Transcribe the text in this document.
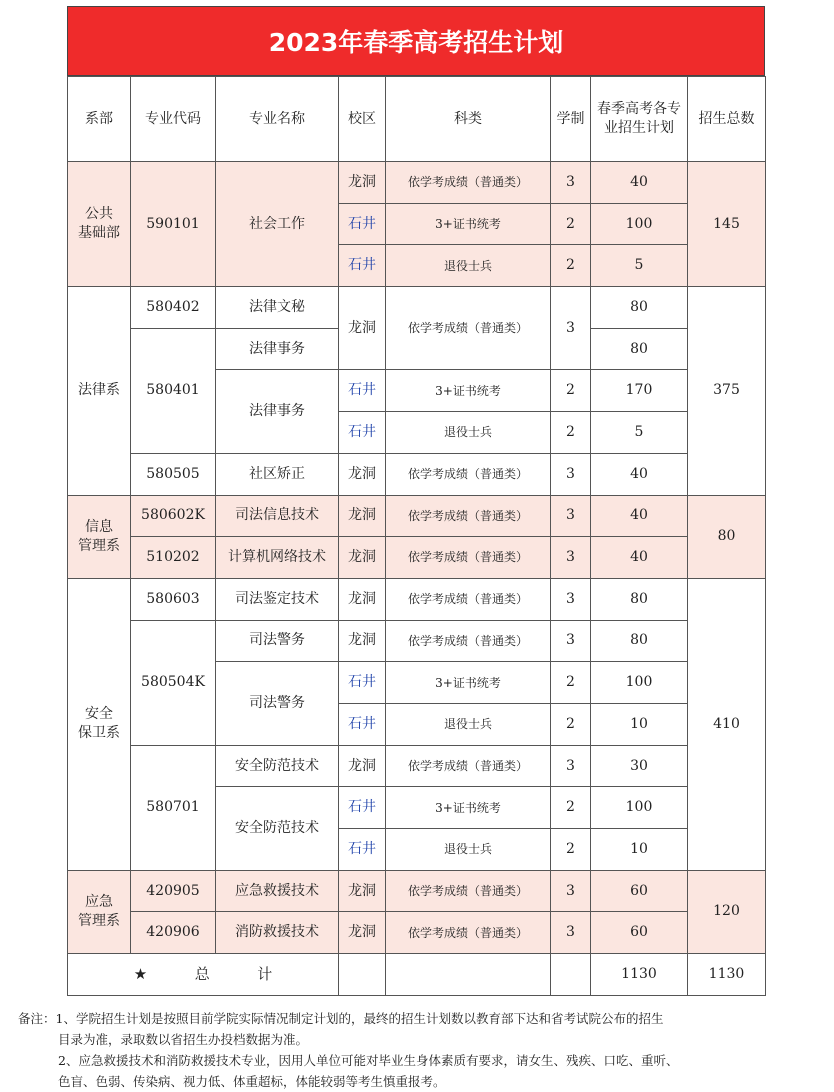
2023年春季高考招生计划
系部	专业代码	专业名称	校区	科类	学制	春季高考各专业招生计划	招生总数
公共
基础部	590101	社会工作	龙洞	依学考成绩（普通类）	3	40	145
			石井	3+证书统考	2	100	
			石井	退役士兵	2	5	
法律系	580402	法律文秘	龙洞	依学考成绩（普通类）	3	80	375
	580401	法律事务				80	
		法律事务	石井	3+证书统考	2	170	
			石井	退役士兵	2	5	
	580505	社区矫正	龙洞	依学考成绩（普通类）	3	40	
信息
管理系	580602K	司法信息技术	龙洞	依学考成绩（普通类）	3	40	80
	510202	计算机网络技术	龙洞	依学考成绩（普通类）	3	40	
安全
保卫系	580603	司法鉴定技术	龙洞	依学考成绩（普通类）	3	80	410
	580504K	司法警务	龙洞	依学考成绩（普通类）	3	80	
		司法警务	石井	3+证书统考	2	100	
			石井	退役士兵	2	10	
	580701	安全防范技术	龙洞	依学考成绩（普通类）	3	30	
		安全防范技术	石井	3+证书统考	2	100	
			石井	退役士兵	2	10	
应急
管理系	420905	应急救援技术	龙洞	依学考成绩（普通类）	3	60	120
	420906	消防救援技术	龙洞	依学考成绩（普通类）	3	60	
★ 总 计						1130	1130
备注：1、学院招生计划是按照目前学院实际情况制定计划的，最终的招生计划数以教育部下达和省考试院公布的招生
目录为准，录取数以省招生办投档数据为准。
2、应急救援技术和消防救援技术专业，因用人单位可能对毕业生身体素质有要求，请女生、残疾、口吃、重听、
色盲、色弱、传染病、视力低、体重超标，体能较弱等考生慎重报考。
